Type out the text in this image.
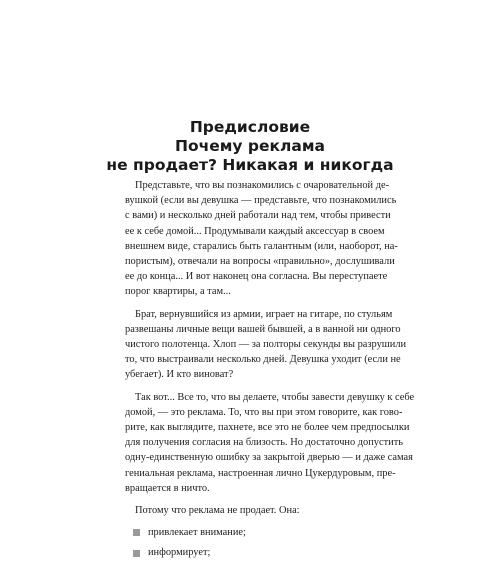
Предисловие
Почему реклама
не продает? Никакая и никогда
Представьте, что вы познакомились с очаровательной де-
вушкой (если вы девушка — представьте, что познакомились
с вами) и несколько дней работали над тем, чтобы привести
ее к себе домой... Продумывали каждый аксессуар в своем
внешнем виде, старались быть галантным (или, наоборот, на-
пористым), отвечали на вопросы «правильно», дослушивали
ее до конца... И вот наконец она согласна. Вы переступаете
порог квартиры, а там...
Брат, вернувшийся из армии, играет на гитаре, по стульям
развешаны личные вещи вашей бывшей, а в ванной ни одного
чистого полотенца. Хлоп — за полторы секунды вы разрушили
то, что выстраивали несколько дней. Девушка уходит (если не
убегает). И кто виноват?
Так вот... Все то, что вы делаете, чтобы завести девушку к себе
домой, — это реклама. То, что вы при этом говорите, как гово-
рите, как выглядите, пахнете, все это не более чем предпосылки
для получения согласия на близость. Но достаточно допустить
одну-единственную ошибку за закрытой дверью — и даже самая
гениальная реклама, настроенная лично Цукердуровым, пре-
вращается в ничто.
Потому что реклама не продает. Она:
привлекает внимание;
информирует;
